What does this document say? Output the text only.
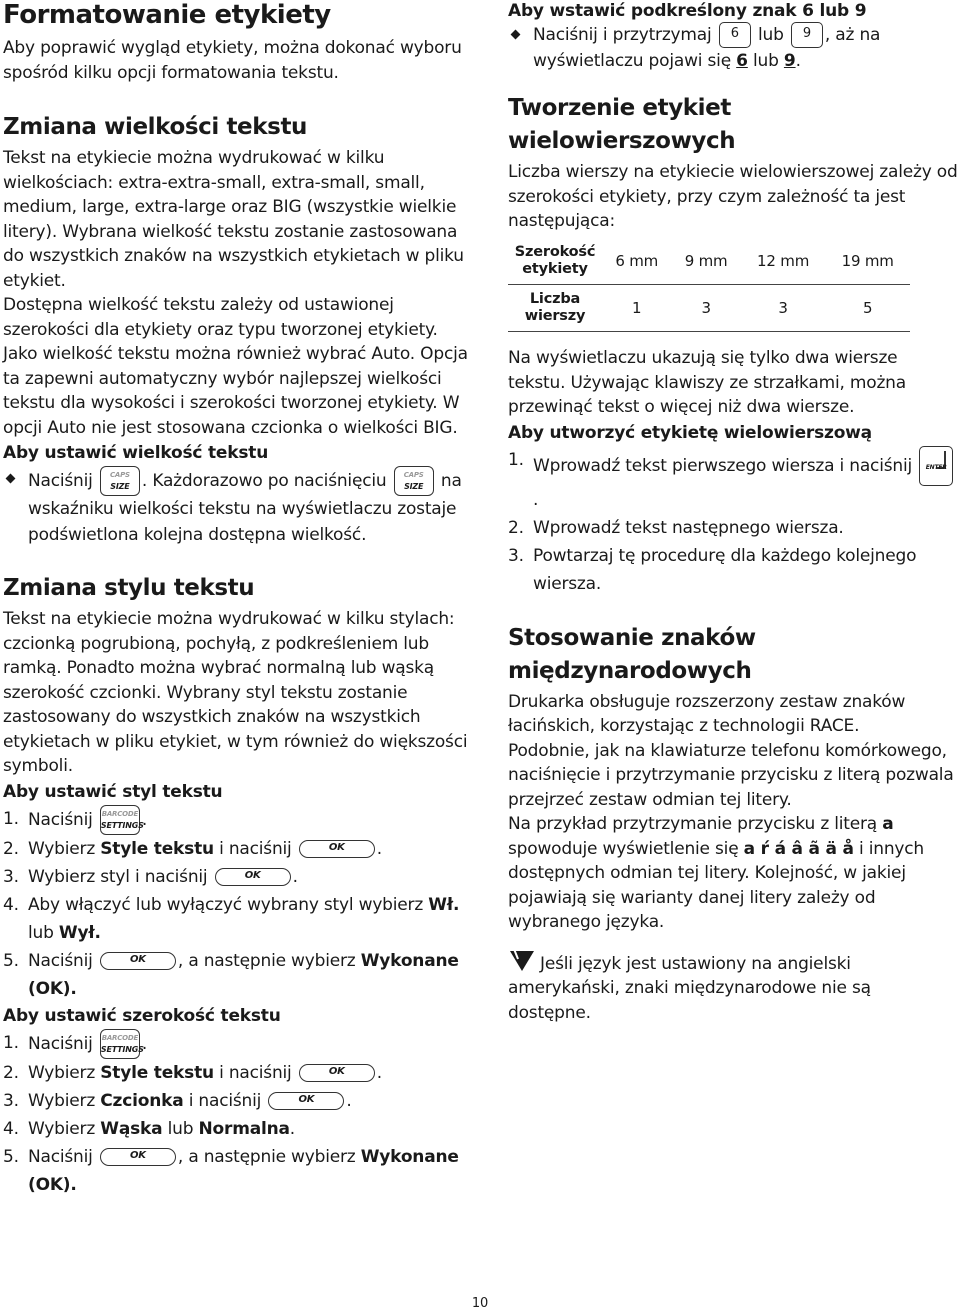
Formatowanie etykiety

Aby poprawić wygląd etykiety, można dokonać wyboru spośród kilku opcji formatowania tekstu.

Zmiana wielkości tekstu

Tekst na etykiecie można wydrukować w kilku wielkościach: extra-extra-small, extra-small, small, medium, large, extra-large oraz BIG (wszystkie wielkie litery). Wybrana wielkość tekstu zostanie zastosowana do wszystkich znaków na wszystkich etykietach w pliku etykiet.

Dostępna wielkość tekstu zależy od ustawionej szerokości dla etykiety oraz typu tworzonej etykiety.

Jako wielkość tekstu można również wybrać Auto. Opcja ta zapewni automatyczny wybór najlepszej wielkości tekstu dla wysokości i szerokości tworzonej etykiety. W opcji Auto nie jest stosowana czcionka o wielkości BIG.

Aby ustawić wielkość tekstu

Naciśnij	CAPS
SIZE . Każdorazowo po naciśnięciu	CAPS
SIZE	na wskaźniku wielkości tekstu na wyświetlaczu zostaje podświetlona kolejna dostępna wielkość.

Zmiana stylu tekstu

Tekst na etykiecie można wydrukować w kilku stylach: czcionką pogrubioną, pochyłą, z podkreśleniem lub ramką. Ponadto można wybrać normalną lub wąską szerokość czcionki. Wybrany styl tekstu zostanie zastosowany do wszystkich znaków na wszystkich etykietach w pliku etykiet, w tym również do większości symboli.

Aby ustawić styl tekstu
1. Naciśnij BARCODE
SETTINGS
.
2. Wybierz Style tekstu i naciśnij	OK .
3. Wybierz styl i naciśnij	OK .
4. Aby włączyć lub wyłączyć wybrany styl wybierz Wł. lub Wył.
5. Naciśnij	OK , a następnie wybierz Wykonane (OK).
Aby ustawić szerokość tekstu
1. Naciśnij BARCODE
SETTINGS
.
2. Wybierz Style tekstu i naciśnij	OK .
3. Wybierz Czcionka i naciśnij	OK .
4. Wybierz Wąska lub Normalna.
5. Naciśnij	OK , a następnie wybierz Wykonane (OK).
Aby wstawić podkreślony znak 6 lub 9

Naciśnij i przytrzymaj 6 lub 9 , aż na wyświetlaczu pojawi się 6 lub 9.

Tworzenie etykiet wielowierszowych

Liczba wierszy na etykiecie wielowierszowej zależy od szerokości etykiety, przy czym zależność ta jest następująca:

Szerokość etykiety	6 mm	9 mm	12 mm	19 mm
Liczba wierszy	1	3	3	5

Na wyświetlaczu ukazują się tylko dwa wiersze tekstu. Używając klawiszy ze strzałkami, można przewinąć tekst o więcej niż dwa wiersze.

Aby utworzyć etykietę wielowierszową
1. Wprowadź tekst pierwszego wiersza i naciśnij	ENTER
.
2. Wprowadź tekst następnego wiersza.
3. Powtarzaj tę procedurę dla każdego kolejnego wiersza.
Stosowanie znaków międzynarodowych

Drukarka obsługuje rozszerzony zestaw znaków łacińskich, korzystając z technologii RACE.

Podobnie, jak na klawiaturze telefonu komórkowego, naciśnięcie i przytrzymanie przycisku z literą pozwala przejrzeć zestaw odmian tej litery.

Na przykład przytrzymanie przycisku z literą a spowoduje wyświetlenie się a ŕ á â ã ä å i innych dostępnych odmian tej litery. Kolejność, w jakiej pojawiają się warianty danej litery zależy od wybranego języka.

Jeśli język jest ustawiony na angielski amerykański, znaki międzynarodowe nie są dostępne.

10
